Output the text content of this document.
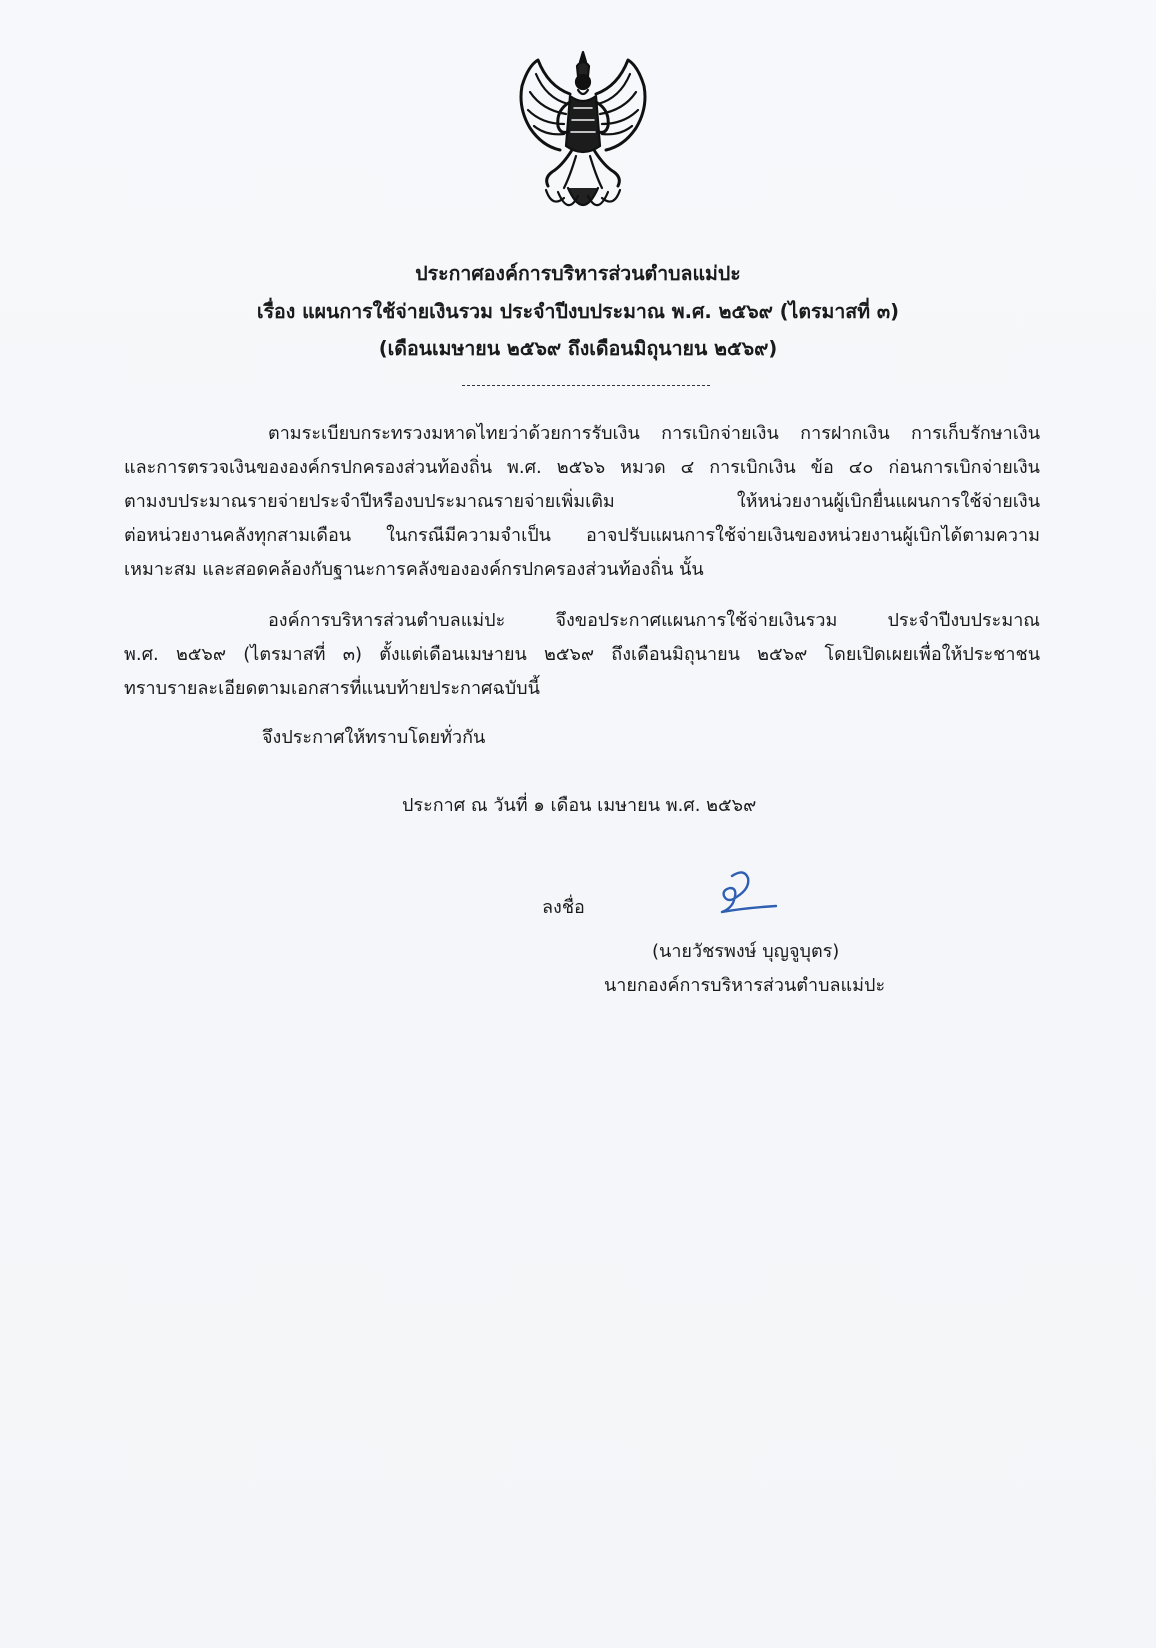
ประกาศองค์การบริหารส่วนตำบลแม่ปะ
เรื่อง แผนการใช้จ่ายเงินรวม ประจำปีงบประมาณ พ.ศ. ๒๕๖๙ (ไตรมาสที่ ๓)
(เดือนเมษายน ๒๕๖๙ ถึงเดือนมิถุนายน ๒๕๖๙)
ตามระเบียบกระทรวงมหาดไทยว่าด้วยการรับเงิน การเบิกจ่ายเงิน การฝากเงิน การเก็บรักษาเงิน
และการตรวจเงินขององค์กรปกครองส่วนท้องถิ่น พ.ศ. ๒๕๖๖ หมวด ๔ การเบิกเงิน ข้อ ๔๐ ก่อนการเบิกจ่ายเงิน
ตามงบประมาณรายจ่ายประจำปีหรืองบประมาณรายจ่ายเพิ่มเติม ให้หน่วยงานผู้เบิกยื่นแผนการใช้จ่ายเงิน
ต่อหน่วยงานคลังทุกสามเดือน ในกรณีมีความจำเป็น อาจปรับแผนการใช้จ่ายเงินของหน่วยงานผู้เบิกได้ตามความ
เหมาะสม และสอดคล้องกับฐานะการคลังขององค์กรปกครองส่วนท้องถิ่น นั้น
องค์การบริหารส่วนตำบลแม่ปะ จึงขอประกาศแผนการใช้จ่ายเงินรวม ประจำปีงบประมาณ
พ.ศ. ๒๕๖๙ (ไตรมาสที่ ๓) ตั้งแต่เดือนเมษายน ๒๕๖๙ ถึงเดือนมิถุนายน ๒๕๖๙ โดยเปิดเผยเพื่อให้ประชาชน
ทราบรายละเอียดตามเอกสารที่แนบท้ายประกาศฉบับนี้
จึงประกาศให้ทราบโดยทั่วกัน
ประกาศ ณ วันที่ ๑ เดือน เมษายน พ.ศ. ๒๕๖๙
ลงชื่อ
(นายวัชรพงษ์ บุญจูบุตร)
นายกองค์การบริหารส่วนตำบลแม่ปะ
